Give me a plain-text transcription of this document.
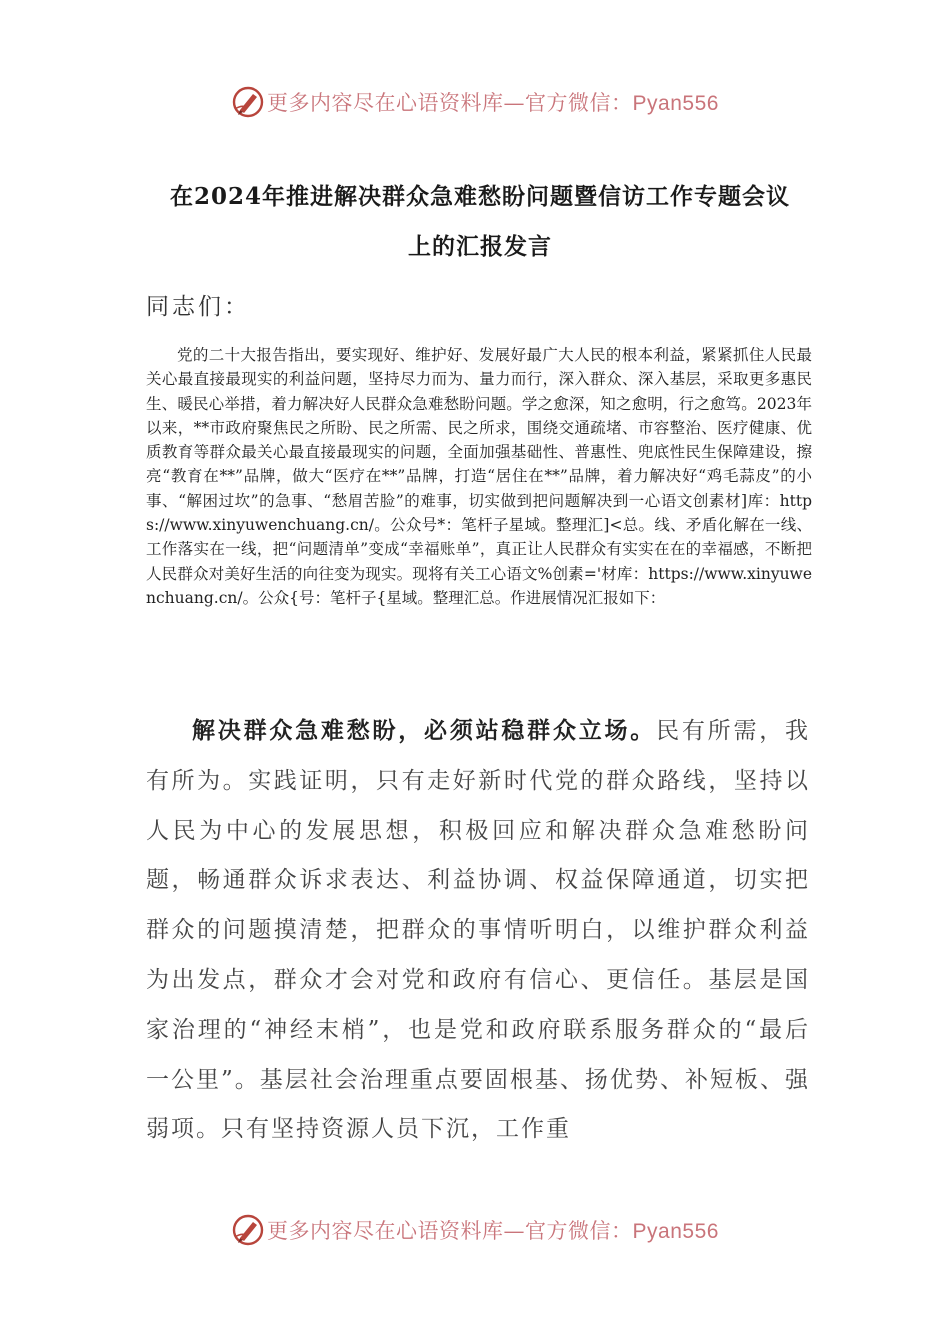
更多内容尽在心语资料库—官方微信：Pyan556
在2024年推进解决群众急难愁盼问题暨信访工作专题会议
上的汇报发言
同志们：
党的二十大报告指出，要实现好、维护好、发展好最广大人民的根本利益，紧紧抓住人民最关心最直接最现实的利益问题，坚持尽力而为、量力而行，深入群众、深入基层，采取更多惠民生、暖民心举措，着力解决好人民群众急难愁盼问题。学之愈深，知之愈明，行之愈笃。2023年以来，**市政府聚焦民之所盼、民之所需、民之所求，围绕交通疏堵、市容整治、医疗健康、优质教育等群众最关心最直接最现实的问题，全面加强基础性、普惠性、兜底性民生保障建设，擦亮“教育在**”品牌，做大“医疗在**”品牌，打造“居住在**”品牌，着力解决好“鸡毛蒜皮”的小事、“解困过坎”的急事、“愁眉苦脸”的难事，切实做到把问题解决到一心语文创素材]库：https://www.xinyuwenchuang.cn/。公众号*：笔杆子星域。整理汇]<总。线、矛盾化解在一线、工作落实在一线，把“问题清单”变成“幸福账单”，真正让人民群众有实实在在的幸福感，不断把人民群众对美好生活的向往变为现实。现将有关工心语文%创素='材库：https://www.xinyuwenchuang.cn/。公众{号：笔杆子{星域。整理汇总。作进展情况汇报如下：
解决群众急难愁盼，必须站稳群众立场。民有所需，我有所为。实践证明，只有走好新时代党的群众路线，坚持以人民为中心的发展思想，积极回应和解决群众急难愁盼问题，畅通群众诉求表达、利益协调、权益保障通道，切实把群众的问题摸清楚，把群众的事情听明白，以维护群众利益为出发点，群众才会对党和政府有信心、更信任。基层是国家治理的“神经末梢”，也是党和政府联系服务群众的“最后一公里”。基层社会治理重点要固根基、扬优势、补短板、强弱项。只有坚持资源人员下沉，工作重
更多内容尽在心语资料库—官方微信：Pyan556
